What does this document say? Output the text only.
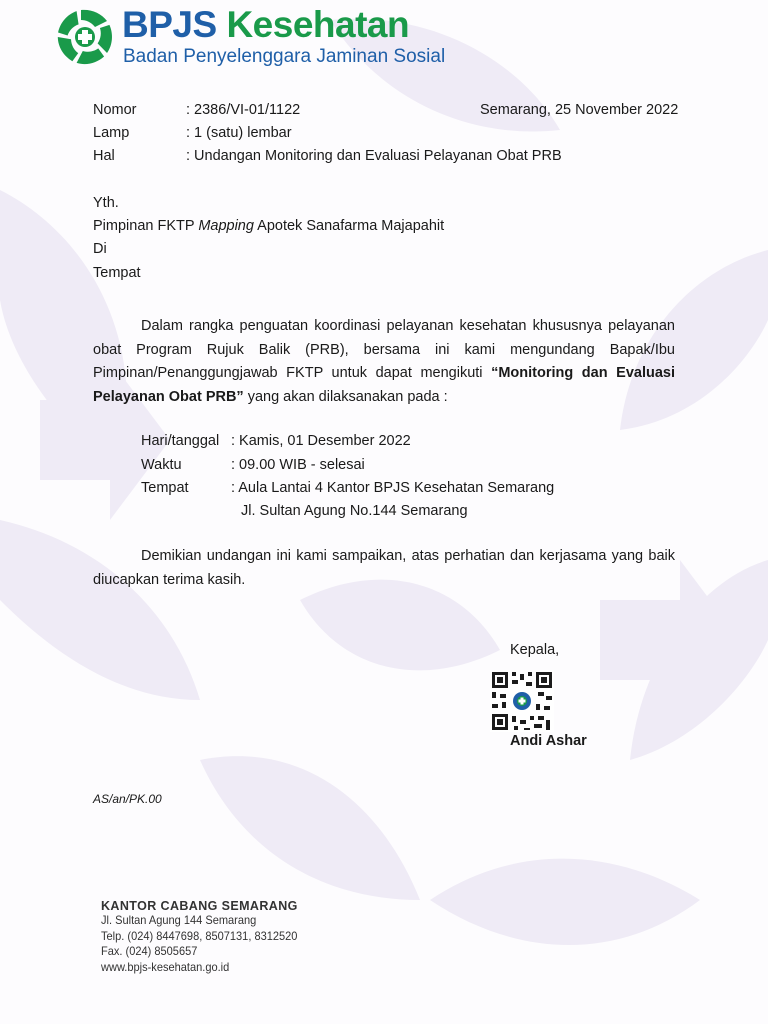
BPJS Kesehatan
Badan Penyelenggara Jaminan Sosial
Nomor	: 2386/VI-01/1122	Semarang, 25 November 2022
Lamp	: 1 (satu) lembar
Hal	: Undangan Monitoring dan Evaluasi Pelayanan Obat PRB
Yth.
Pimpinan FKTP Mapping Apotek Sanafarma Majapahit
Di
Tempat
Dalam rangka penguatan koordinasi pelayanan kesehatan khususnya pelayanan obat Program Rujuk Balik (PRB), bersama ini kami mengundang Bapak/Ibu Pimpinan/Penanggungjawab FKTP untuk dapat mengikuti “Monitoring dan Evaluasi Pelayanan Obat PRB” yang akan dilaksanakan pada :
Hari/tanggal : Kamis, 01 Desember 2022
Waktu	: 09.00 WIB - selesai
Tempat	: Aula Lantai 4 Kantor BPJS Kesehatan Semarang
Jl. Sultan Agung No.144 Semarang
Demikian undangan ini kami sampaikan, atas perhatian dan kerjasama yang baik diucapkan terima kasih.
Kepala,
Andi Ashar
AS/an/PK.00
KANTOR CABANG SEMARANG
Jl. Sultan Agung 144 Semarang
Telp. (024) 8447698, 8507131, 8312520
Fax. (024) 8505657
www.bpjs-kesehatan.go.id
